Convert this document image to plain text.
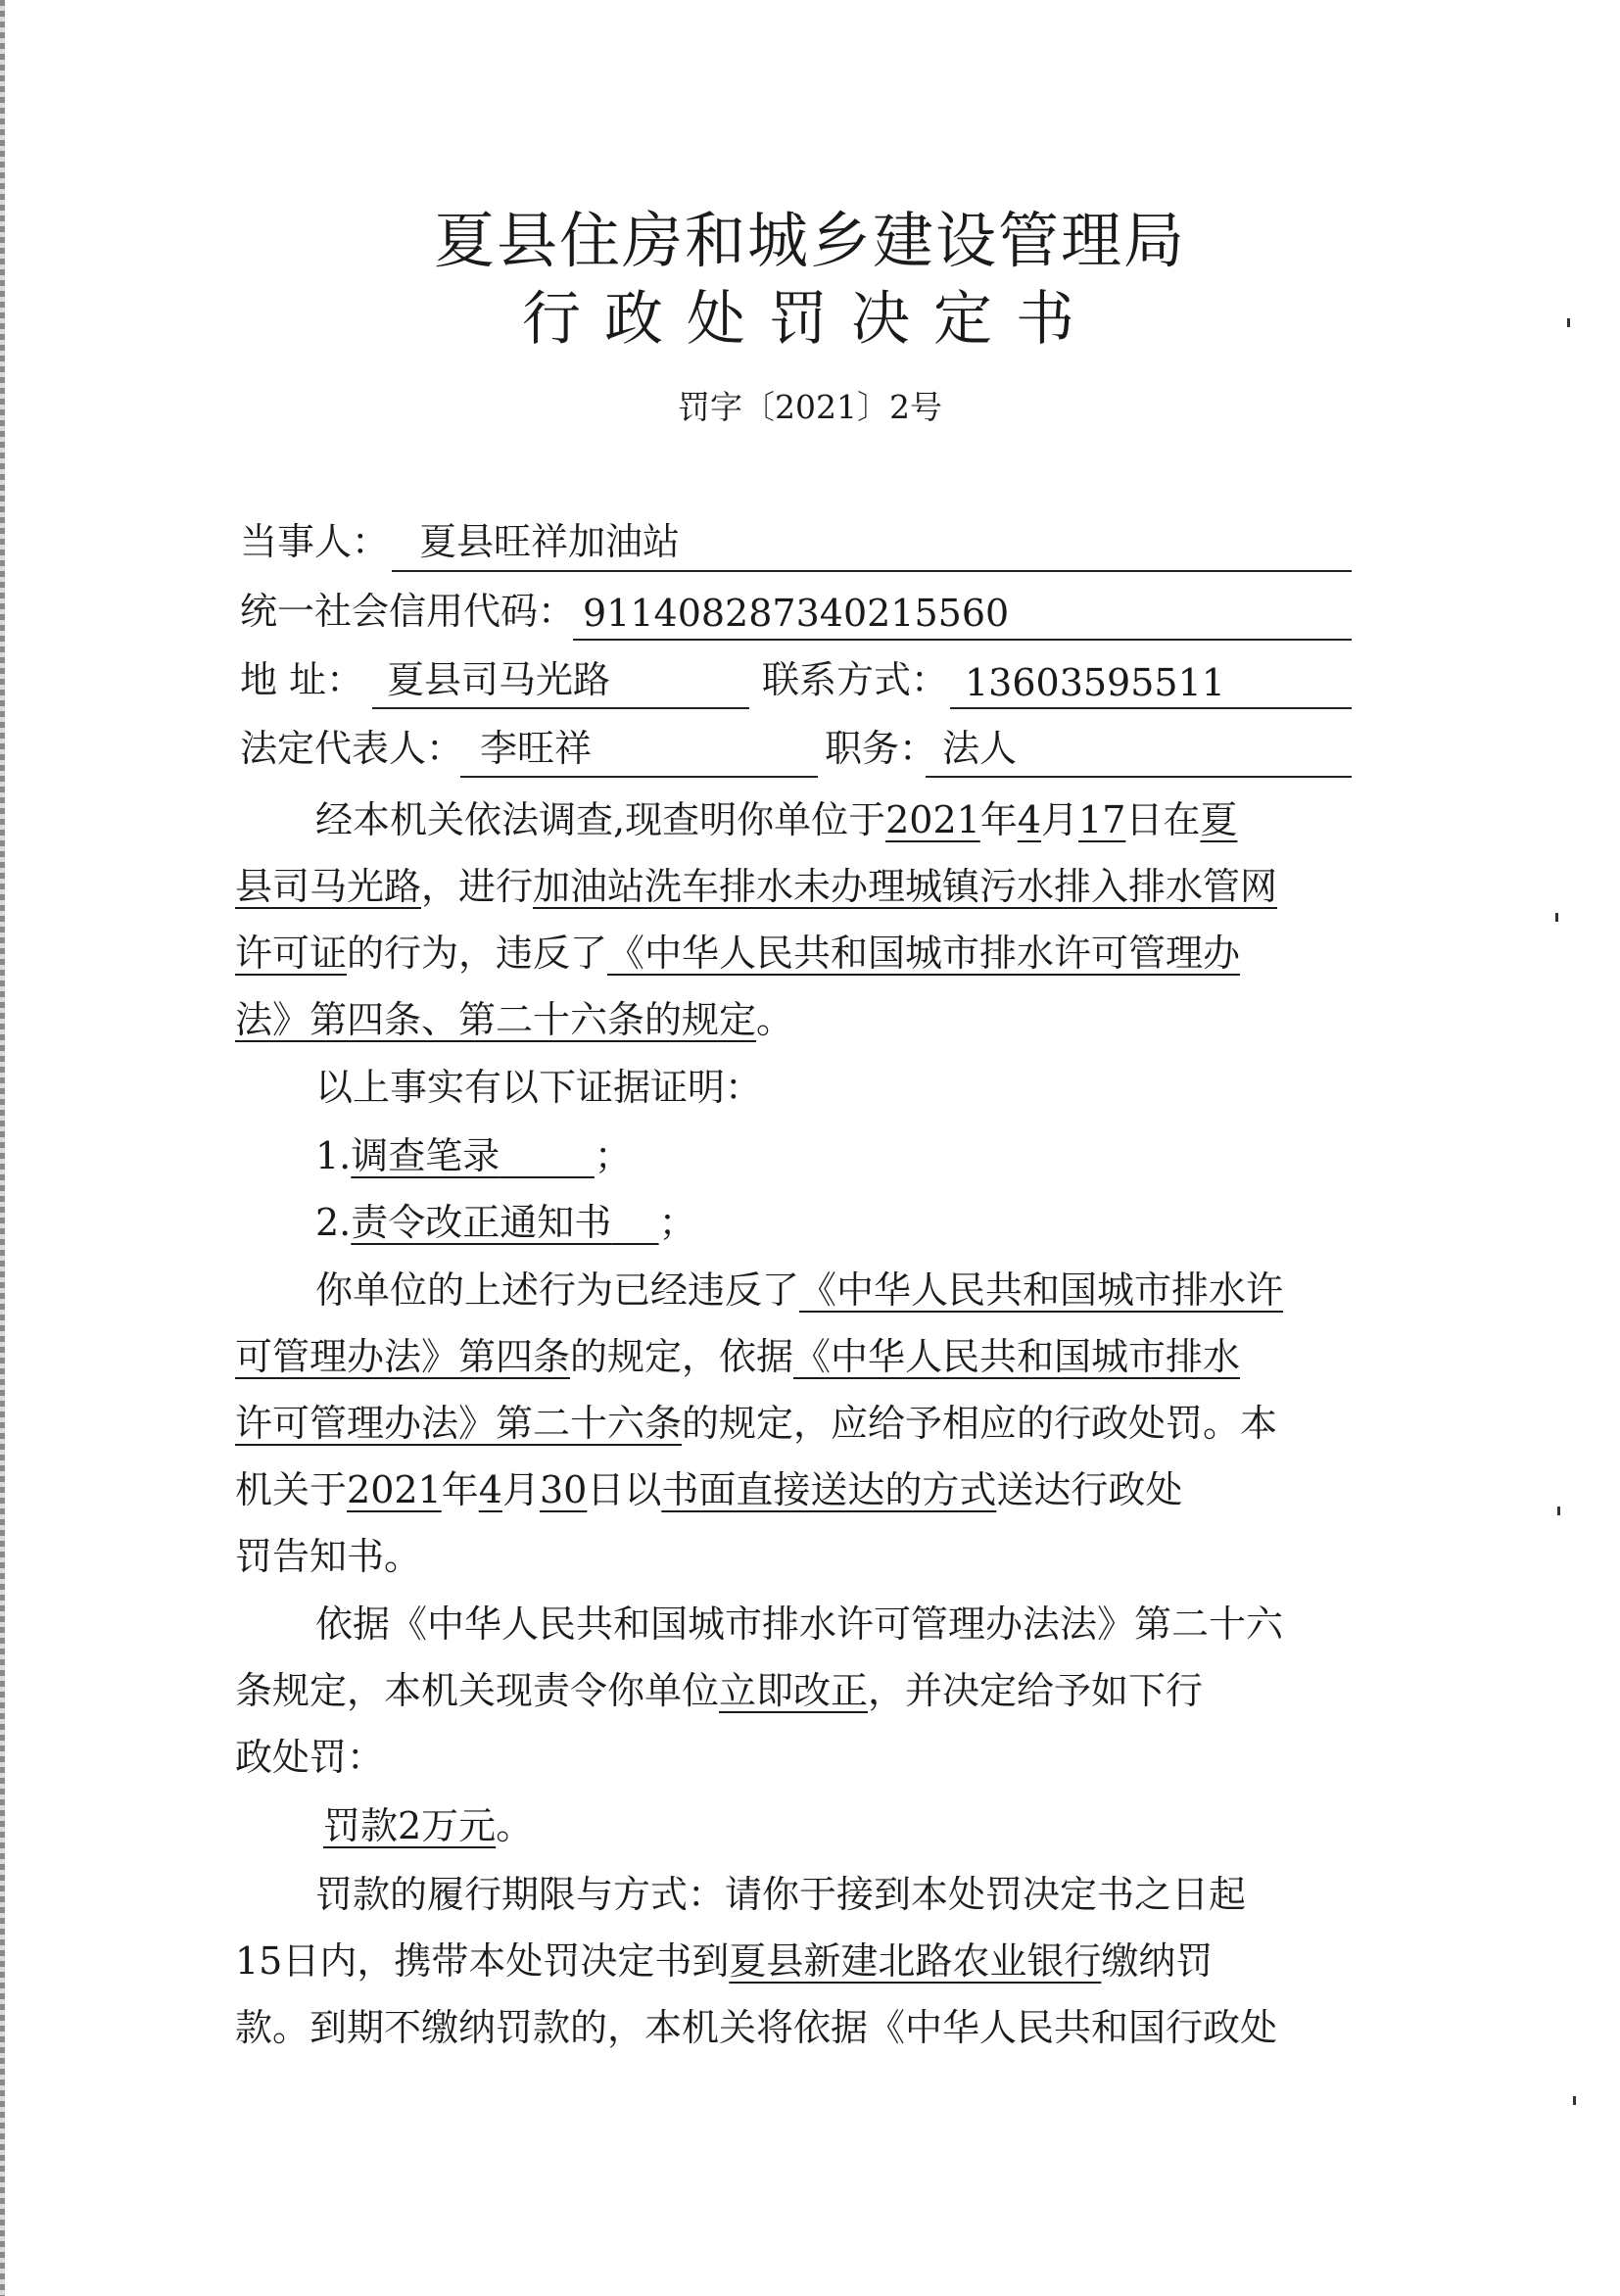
夏县住房和城乡建设管理局
行政处罚决定书
罚字〔2021〕2号
当事人： 夏县旺祥加油站
统一社会信用代码： 911408287340215560
地 址： 夏县司马光路	联系方式： 13603595511
法定代表人： 李旺祥	职务： 法人
经本机关依法调查,现查明你单位于2021年4月17日在夏
县司马光路，进行加油站洗车排水未办理城镇污水排入排水管网
许可证的行为，违反了《中华人民共和国城市排水许可管理办
法》第四条、第二十六条的规定。
以上事实有以下证据证明：
1.调查笔录	；
2.责令改正通知书 ；
你单位的上述行为已经违反了《中华人民共和国城市排水许
可管理办法》第四条的规定，依据《中华人民共和国城市排水
许可管理办法》第二十六条的规定，应给予相应的行政处罚。本
机关于2021年4月30日以书面直接送达的方式送达行政处
罚告知书。
依据《中华人民共和国城市排水许可管理办法法》第二十六
条规定，本机关现责令你单位立即改正，并决定给予如下行
政处罚：
罚款2万元。
罚款的履行期限与方式：请你于接到本处罚决定书之日起
15日内，携带本处罚决定书到夏县新建北路农业银行缴纳罚
款。到期不缴纳罚款的，本机关将依据《中华人民共和国行政处
